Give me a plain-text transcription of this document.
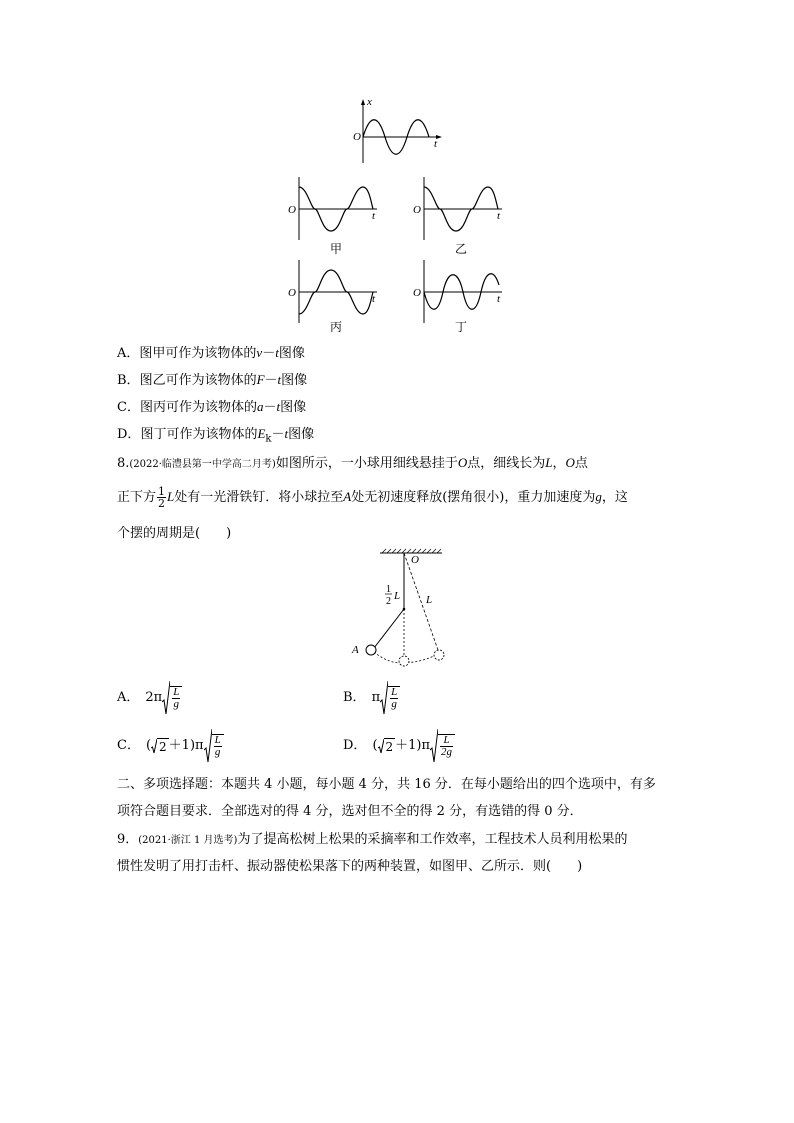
x
O
t
O	t
甲
O	t
乙
O	t
丙
O	t
丁
A．图甲可作为该物体的v－t图像
B．图乙可作为该物体的F－t图像
C．图丙可作为该物体的a－t图像
D．图丁可作为该物体的$E_k-t$图像
8.(2022·临澧县第一中学高二月考)如图所示，一小球用细线悬挂于O点，细线长为L，O点
正下方 $\frac{1}{2}$ L处有一光滑铁钉．将小球拉至A处无初速度释放(摆角很小)，重力加速度为g，这
个摆的周期是(　　)
O
1
2 L L
A
A． $2\pi \frac{L}{g}$	B． π $\frac{L}{g}$
C． ( $2 +1)\pi \frac{L}{g}$	D． ( $2 +1)\pi \frac{L}{2g}$
二、多项选择题：本题共 4 小题，每小题 4 分，共 16 分．在每小题给出的四个选项中，有多
项符合题目要求．全部选对的得 4 分，选对但不全的得 2 分，有选错的得 0 分．
9．(2021·浙江 1 月选考)为了提高松树上松果的采摘率和工作效率，工程技术人员利用松果的
惯性发明了用打击杆、振动器使松果落下的两种装置，如图甲、乙所示．则(　　)
